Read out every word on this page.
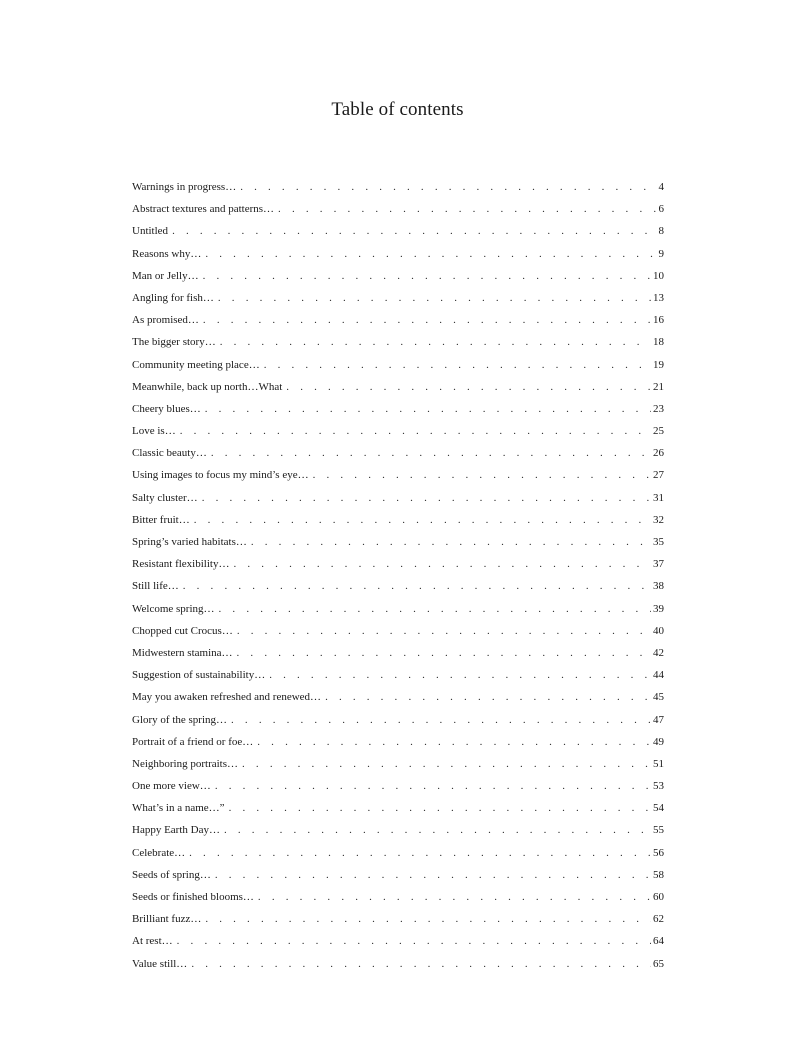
Table of contents
Warnings in progress… . . .	4
Abstract textures and patterns… . . .	6
Untitled . . .	8
Reasons why… . . .	9
Man or Jelly… . . .	10
Angling for fish… . . .	13
As promised… . . .	16
The bigger story… . . .	18
Community meeting place… . . .	19
Meanwhile, back up north…What . . .	21
Cheery blues… . . .	23
Love is… . . .	25
Classic beauty… . . .	26
Using images to focus my mind’s eye… . . .	27
Salty cluster… . . .	31
Bitter fruit… . . .	32
Spring’s varied habitats… . . .	35
Resistant flexibility… . . .	37
Still life… . . .	38
Welcome spring… . . .	39
Chopped cut Crocus… . . .	40
Midwestern stamina… . . .	42
Suggestion of sustainability… . . .	44
May you awaken refreshed and renewed… . . .	45
Glory of the spring… . . .	47
Portrait of a friend or foe… . . .	49
Neighboring portraits… . . .	51
One more view… . . .	53
What’s in a name…” . . .	54
Happy Earth Day… . . .	55
Celebrate… . . .	56
Seeds of spring… . . .	58
Seeds or finished blooms… . . .	60
Brilliant fuzz… . . .	62
At rest… . . .	64
Value still… . . .	65
